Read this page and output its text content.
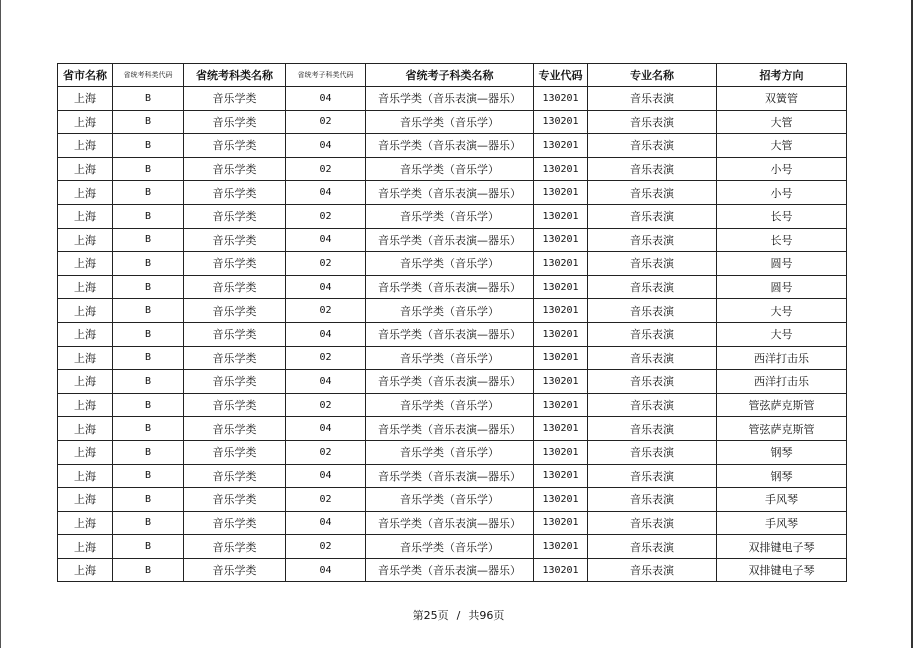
省市名称	省统考科类代码	省统考科类名称	省统考子科类代码	省统考子科类名称	专业代码	专业名称	招考方向
上海	B	音乐学类	04	音乐学类（音乐表演—器乐）	130201	音乐表演	双簧管
上海	B	音乐学类	02	音乐学类（音乐学）	130201	音乐表演	大管
上海	B	音乐学类	04	音乐学类（音乐表演—器乐）	130201	音乐表演	大管
上海	B	音乐学类	02	音乐学类（音乐学）	130201	音乐表演	小号
上海	B	音乐学类	04	音乐学类（音乐表演—器乐）	130201	音乐表演	小号
上海	B	音乐学类	02	音乐学类（音乐学）	130201	音乐表演	长号
上海	B	音乐学类	04	音乐学类（音乐表演—器乐）	130201	音乐表演	长号
上海	B	音乐学类	02	音乐学类（音乐学）	130201	音乐表演	圆号
上海	B	音乐学类	04	音乐学类（音乐表演—器乐）	130201	音乐表演	圆号
上海	B	音乐学类	02	音乐学类（音乐学）	130201	音乐表演	大号
上海	B	音乐学类	04	音乐学类（音乐表演—器乐）	130201	音乐表演	大号
上海	B	音乐学类	02	音乐学类（音乐学）	130201	音乐表演	西洋打击乐
上海	B	音乐学类	04	音乐学类（音乐表演—器乐）	130201	音乐表演	西洋打击乐
上海	B	音乐学类	02	音乐学类（音乐学）	130201	音乐表演	管弦萨克斯管
上海	B	音乐学类	04	音乐学类（音乐表演—器乐）	130201	音乐表演	管弦萨克斯管
上海	B	音乐学类	02	音乐学类（音乐学）	130201	音乐表演	钢琴
上海	B	音乐学类	04	音乐学类（音乐表演—器乐）	130201	音乐表演	钢琴
上海	B	音乐学类	02	音乐学类（音乐学）	130201	音乐表演	手风琴
上海	B	音乐学类	04	音乐学类（音乐表演—器乐）	130201	音乐表演	手风琴
上海	B	音乐学类	02	音乐学类（音乐学）	130201	音乐表演	双排键电子琴
上海	B	音乐学类	04	音乐学类（音乐表演—器乐）	130201	音乐表演	双排键电子琴
第25页 / 共96页
